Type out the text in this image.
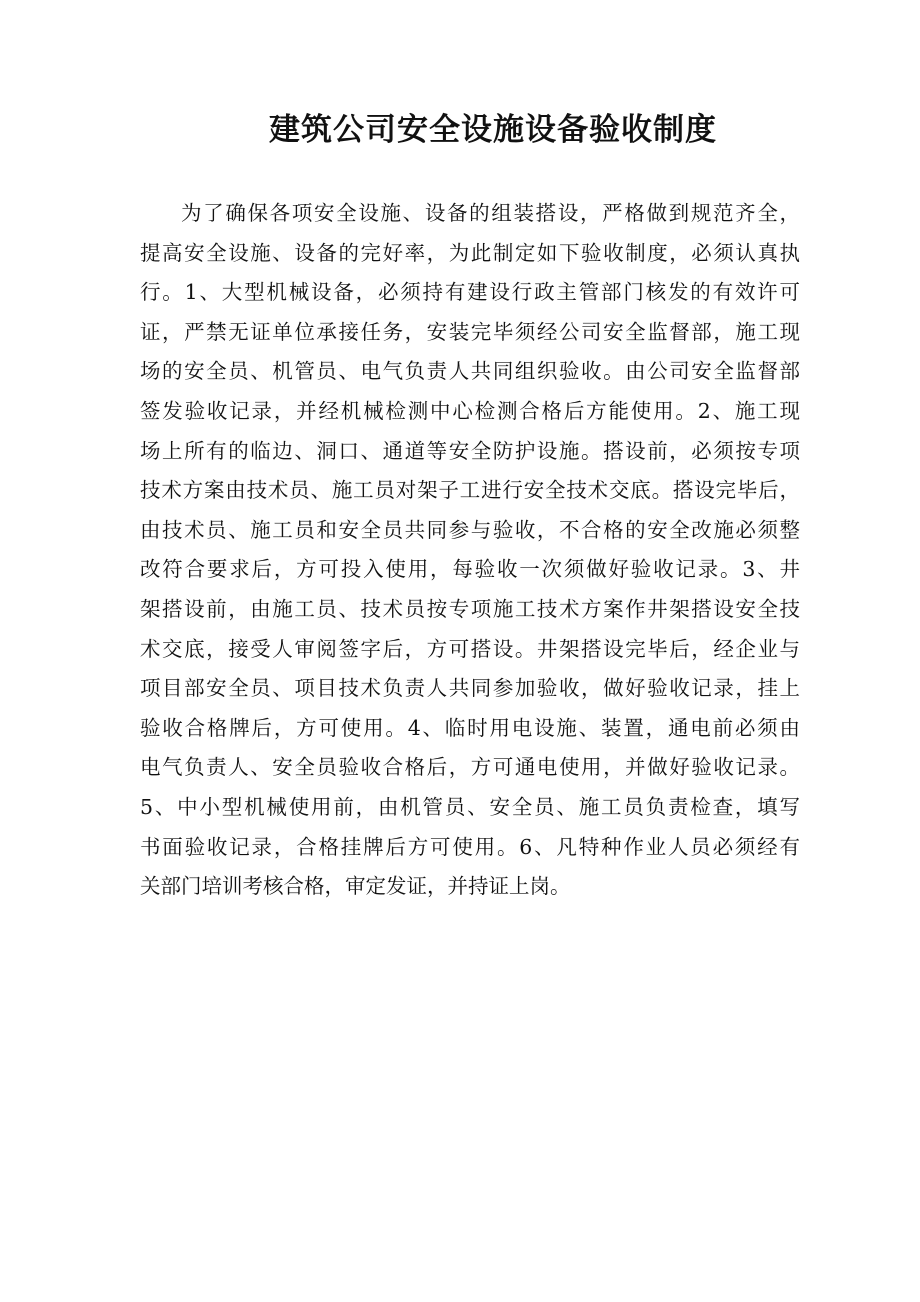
建筑公司安全设施设备验收制度
为了确保各项安全设施、设备的组装搭设，严格做到规范齐全，
提高安全设施、设备的完好率，为此制定如下验收制度，必须认真执
行。1、大型机械设备，必须持有建设行政主管部门核发的有效许可
证，严禁无证单位承接任务，安装完毕须经公司安全监督部，施工现
场的安全员、机管员、电气负责人共同组织验收。由公司安全监督部
签发验收记录，并经机械检测中心检测合格后方能使用。2、施工现
场上所有的临边、洞口、通道等安全防护设施。搭设前，必须按专项
技术方案由技术员、施工员对架子工进行安全技术交底。搭设完毕后，
由技术员、施工员和安全员共同参与验收，不合格的安全改施必须整
改符合要求后，方可投入使用，每验收一次须做好验收记录。3、井
架搭设前，由施工员、技术员按专项施工技术方案作井架搭设安全技
术交底，接受人审阅签字后，方可搭设。井架搭设完毕后，经企业与
项目部安全员、项目技术负责人共同参加验收，做好验收记录，挂上
验收合格牌后，方可使用。4、临时用电设施、装置，通电前必须由
电气负责人、安全员验收合格后，方可通电使用，并做好验收记录。
5、中小型机械使用前，由机管员、安全员、施工员负责检查，填写
书面验收记录，合格挂牌后方可使用。6、凡特种作业人员必须经有
关部门培训考核合格，审定发证，并持证上岗。
